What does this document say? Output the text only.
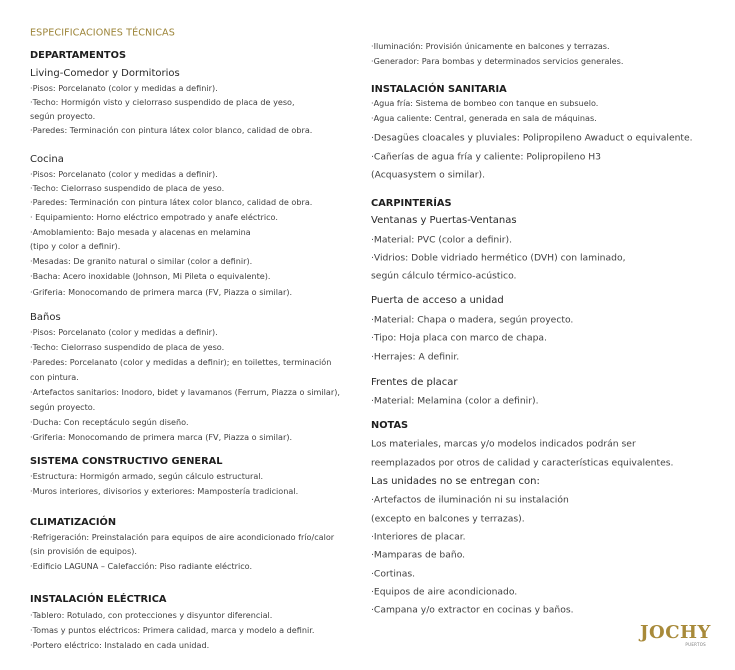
ESPECIFICACIONES TÉCNICAS
JOCHY
PUERTOS
DEPARTAMENTOS
Living-Comedor y Dormitorios
·Pisos: Porcelanato (color y medidas a definir).
·Techo: Hormigón visto y cielorraso suspendido de placa de yeso,
según proyecto.
·Paredes: Terminación con pintura látex color blanco, calidad de obra.
Cocina
·Pisos: Porcelanato (color y medidas a definir).
·Techo: Cielorraso suspendido de placa de yeso.
·Paredes: Terminación con pintura látex color blanco, calidad de obra.
· Equipamiento: Horno eléctrico empotrado y anafe eléctrico.
·Amoblamiento: Bajo mesada y alacenas en melamina
(tipo y color a definir).
·Mesadas: De granito natural o similar (color a definir).
·Bacha: Acero inoxidable (Johnson, Mi Pileta o equivalente).
·Griferia: Monocomando de primera marca (FV, Piazza o similar).
Baños
·Pisos: Porcelanato (color y medidas a definir).
·Techo: Cielorraso suspendido de placa de yeso.
·Paredes: Porcelanato (color y medidas a definir); en toilettes, terminación
con pintura.
·Artefactos sanitarios: Inodoro, bidet y lavamanos (Ferrum, Piazza o similar),
según proyecto.
·Ducha: Con receptáculo según diseño.
·Griferia: Monocomando de primera marca (FV, Piazza o similar).
SISTEMA CONSTRUCTIVO GENERAL
·Estructura: Hormigón armado, según cálculo estructural.
·Muros interiores, divisorios y exteriores: Mampostería tradicional.
CLIMATIZACIÓN
·Refrigeración: Preinstalación para equipos de aire acondicionado frío/calor
(sin provisión de equipos).
·Edificio LAGUNA – Calefacción: Piso radiante eléctrico.
INSTALACIÓN ELÉCTRICA
·Tablero: Rotulado, con protecciones y disyuntor diferencial.
·Tomas y puntos eléctricos: Primera calidad, marca y modelo a definir.
·Portero eléctrico: Instalado en cada unidad.
·Iluminación: Provisión únicamente en balcones y terrazas.
·Generador: Para bombas y determinados servicios generales.
INSTALACIÓN SANITARIA
·Agua fría: Sistema de bombeo con tanque en subsuelo.
·Agua caliente: Central, generada en sala de máquinas.
·Desagües cloacales y pluviales: Polipropileno Awaduct o equivalente.
·Cañerías de agua fría y caliente: Polipropileno H3
(Acquasystem o similar).
CARPINTERÍAS
Ventanas y Puertas-Ventanas
·Material: PVC (color a definir).
·Vidrios: Doble vidriado hermético (DVH) con laminado,
según cálculo térmico-acústico.
Puerta de acceso a unidad
·Material: Chapa o madera, según proyecto.
·Tipo: Hoja placa con marco de chapa.
·Herrajes: A definir.
Frentes de placar
·Material: Melamina (color a definir).
NOTAS
Los materiales, marcas y/o modelos indicados podrán ser
reemplazados por otros de calidad y características equivalentes.
Las unidades no se entregan con:
·Artefactos de iluminación ni su instalación
(excepto en balcones y terrazas).
·Interiores de placar.
·Mamparas de baño.
·Cortinas.
·Equipos de aire acondicionado.
·Campana y/o extractor en cocinas y baños.
